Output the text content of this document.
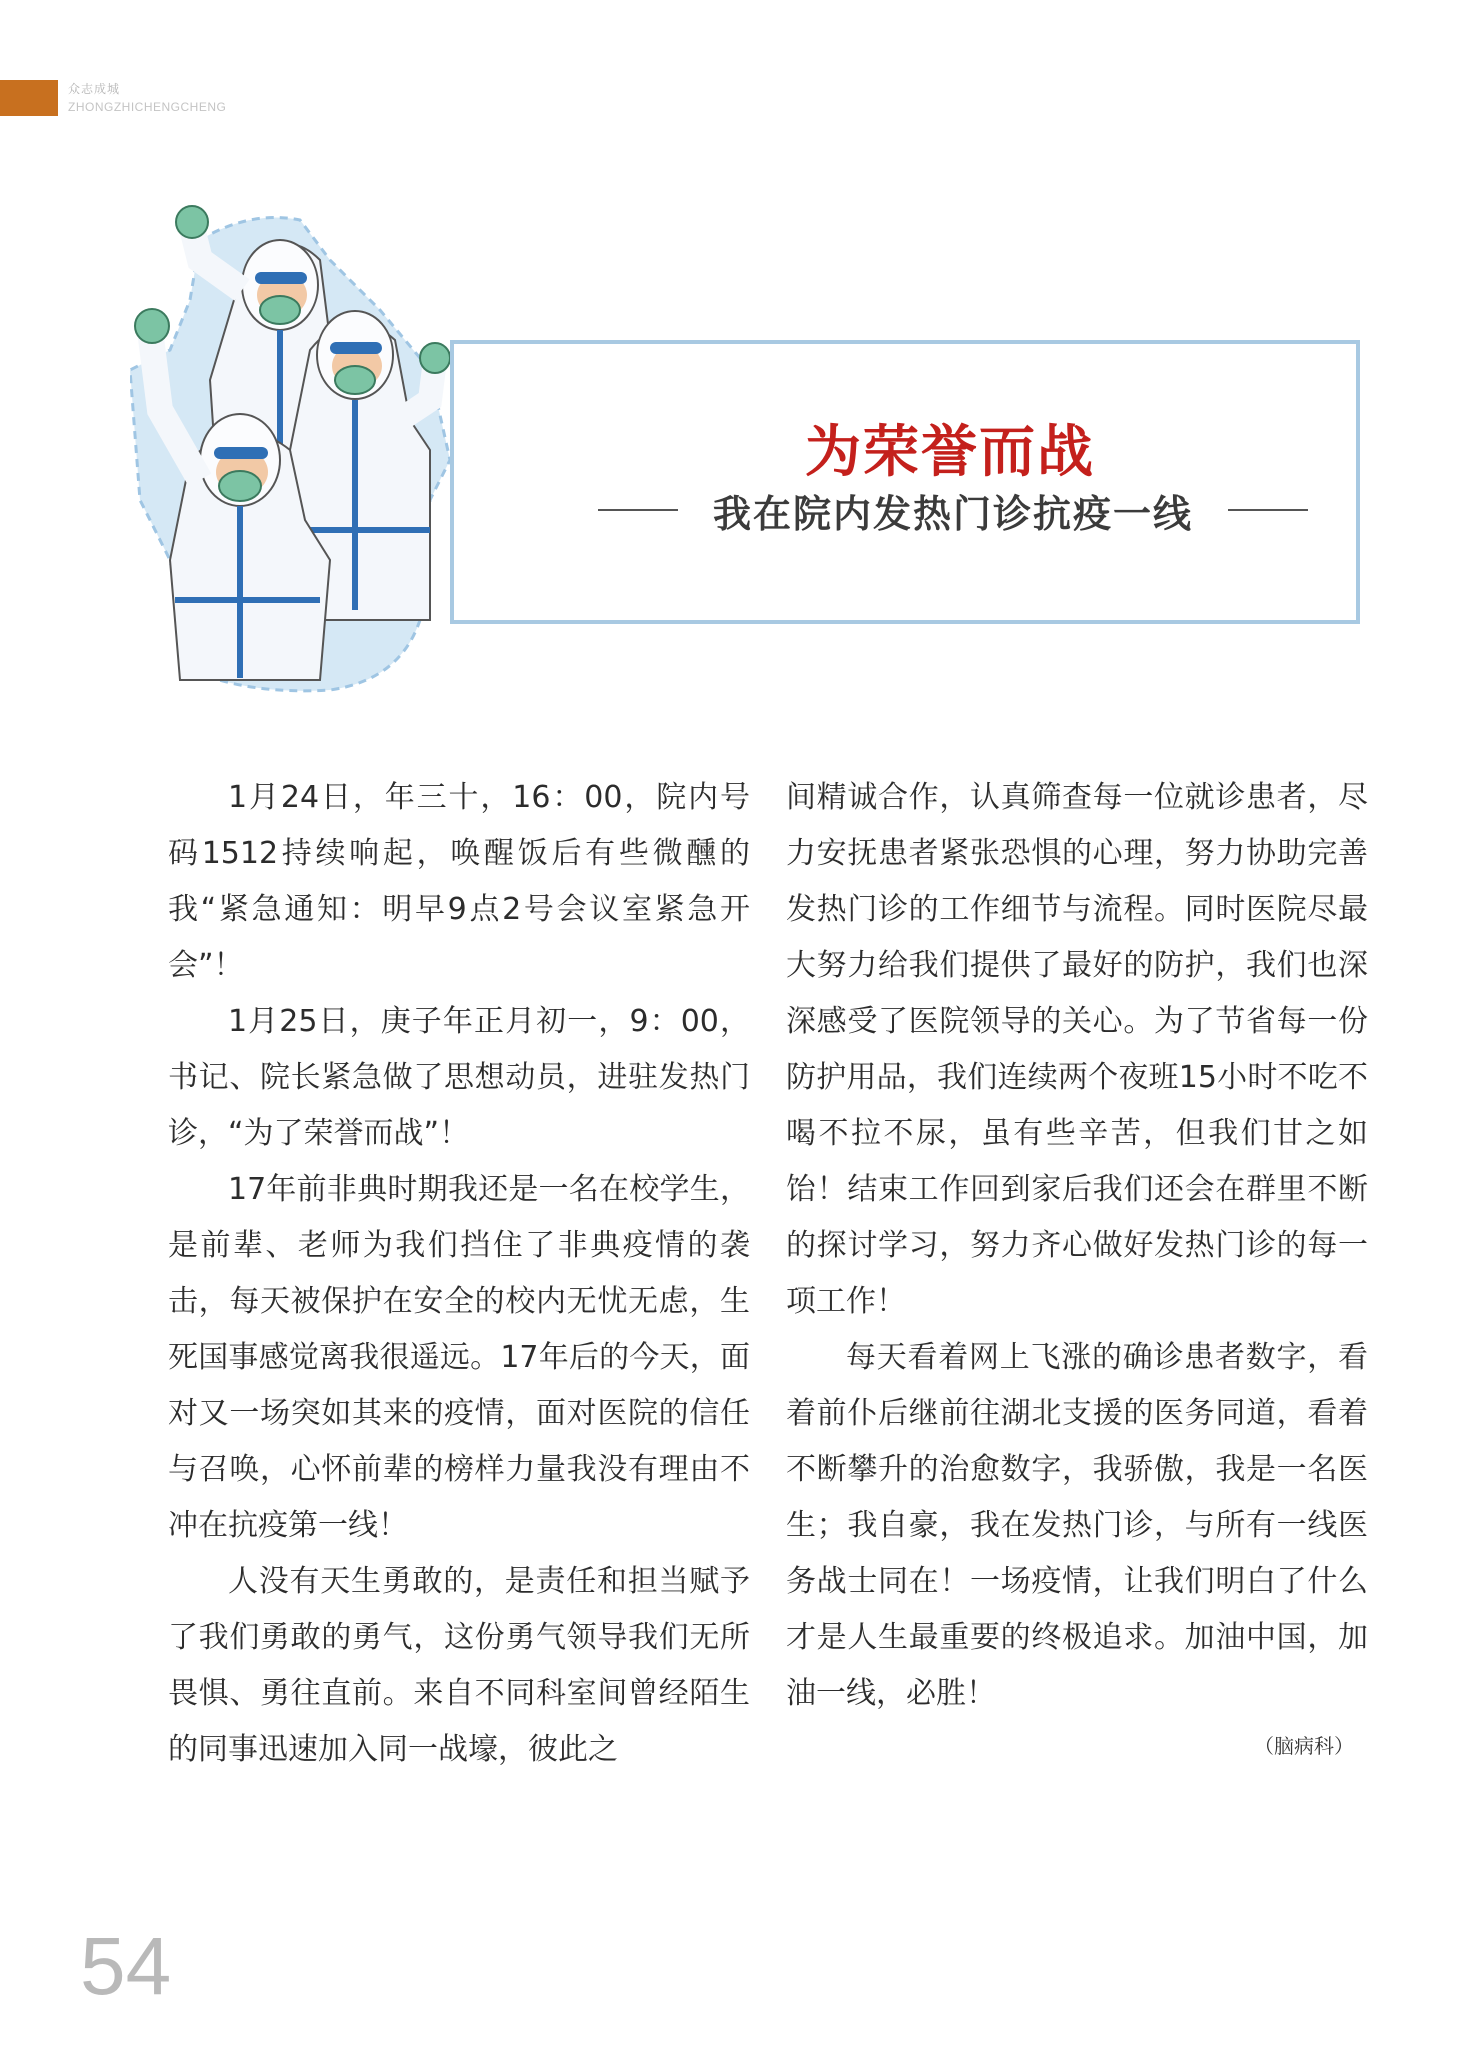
众志成城
ZHONGZHICHENGCHENG
为荣誉而战
我在院内发热门诊抗疫一线

1月24日，年三十，16：00，院内号码1512持续响起，唤醒饭后有些微醺的我“紧急通知：明早9点2号会议室紧急开会”！

1月25日，庚子年正月初一，9：00，书记、院长紧急做了思想动员，进驻发热门诊，“为了荣誉而战”！

17年前非典时期我还是一名在校学生，是前辈、老师为我们挡住了非典疫情的袭击，每天被保护在安全的校内无忧无虑，生死国事感觉离我很遥远。17年后的今天，面对又一场突如其来的疫情，面对医院的信任与召唤，心怀前辈的榜样力量我没有理由不冲在抗疫第一线！

人没有天生勇敢的，是责任和担当赋予了我们勇敢的勇气，这份勇气领导我们无所畏惧、勇往直前。来自不同科室间曾经陌生的同事迅速加入同一战壕，彼此之

间精诚合作，认真筛查每一位就诊患者，尽力安抚患者紧张恐惧的心理，努力协助完善发热门诊的工作细节与流程。同时医院尽最大努力给我们提供了最好的防护，我们也深深感受了医院领导的关心。为了节省每一份防护用品，我们连续两个夜班15小时不吃不喝不拉不尿，虽有些辛苦，但我们甘之如饴！结束工作回到家后我们还会在群里不断的探讨学习，努力齐心做好发热门诊的每一项工作！

每天看着网上飞涨的确诊患者数字，看着前仆后继前往湖北支援的医务同道，看着不断攀升的治愈数字，我骄傲，我是一名医生；我自豪，我在发热门诊，与所有一线医务战士同在！一场疫情，让我们明白了什么才是人生最重要的终极追求。加油中国，加油一线，必胜！

（脑病科）
54
